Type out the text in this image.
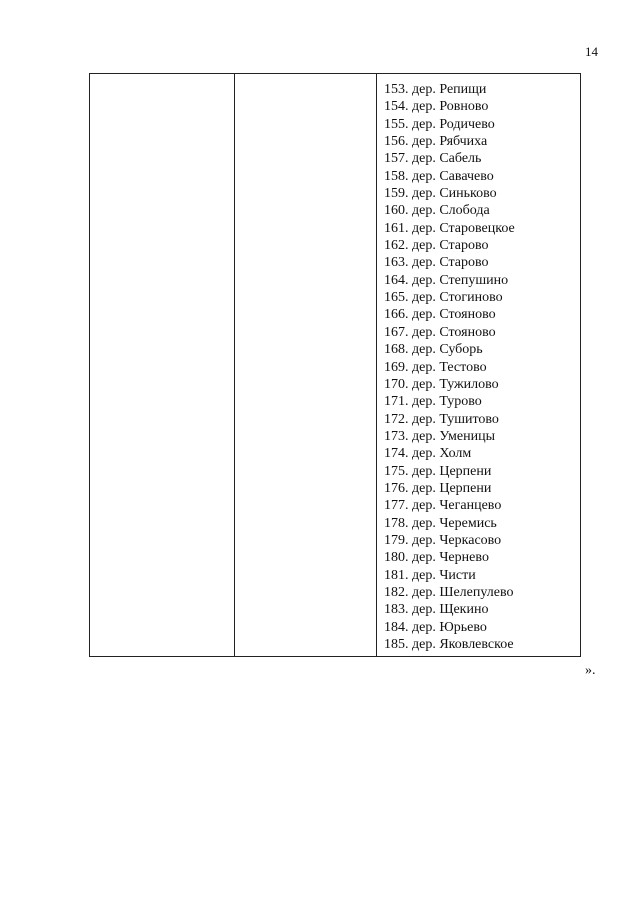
14
153. дер. Репищи
154. дер. Ровново
155. дер. Родичево
156. дер. Рябчиха
157. дер. Сабель
158. дер. Савачево
159. дер. Синьково
160. дер. Слобода
161. дер. Старовецкое
162. дер. Старово
163. дер. Старово
164. дер. Степушино
165. дер. Стогиново
166. дер. Стояново
167. дер. Стояново
168. дер. Суборь
169. дер. Тестово
170. дер. Тужилово
171. дер. Турово
172. дер. Тушитово
173. дер. Уменицы
174. дер. Холм
175. дер. Церпени
176. дер. Церпени
177. дер. Чеганцево
178. дер. Черемись
179. дер. Черкасово
180. дер. Черневo
181. дер. Чисти
182. дер. Шелепулево
183. дер. Щекино
184. дер. Юрьево
185. дер. Яковлевское
».
